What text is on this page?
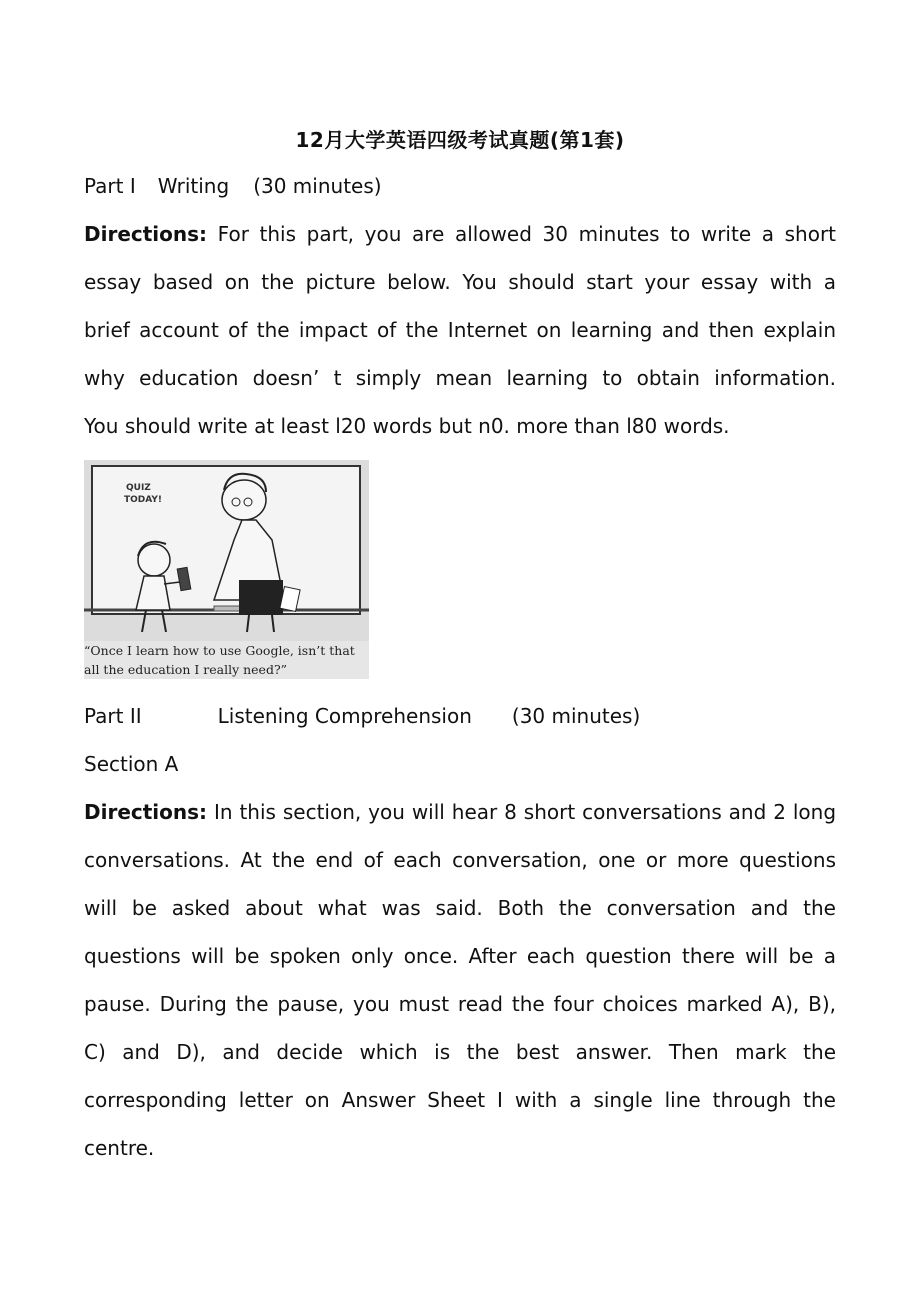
12月大学英语四级考试真题(第1套)
Part I Writing (30 minutes)
Directions: For this part, you are allowed 30 minutes to write a short
essay based on the picture below. You should start your essay with a
brief account of the impact of the Internet on learning and then explain
why education doesn’ t simply mean learning to obtain information.
You should write at least l20 words but n0. more than l80 words.
QUIZ
TODAY!
“Once I learn how to use Google, isn’t that
all the education I really need?”
Part II	Listening Comprehension (30 minutes)
Section A
Directions: In this section, you will hear 8 short conversations and 2 long
conversations. At the end of each conversation, one or more questions
will be asked about what was said. Both the conversation and the
questions will be spoken only once. After each question there will be a
pause. During the pause, you must read the four choices marked A), B),
C) and D), and decide which is the best answer. Then mark the
corresponding letter on Answer Sheet I with a single line through the
centre.
